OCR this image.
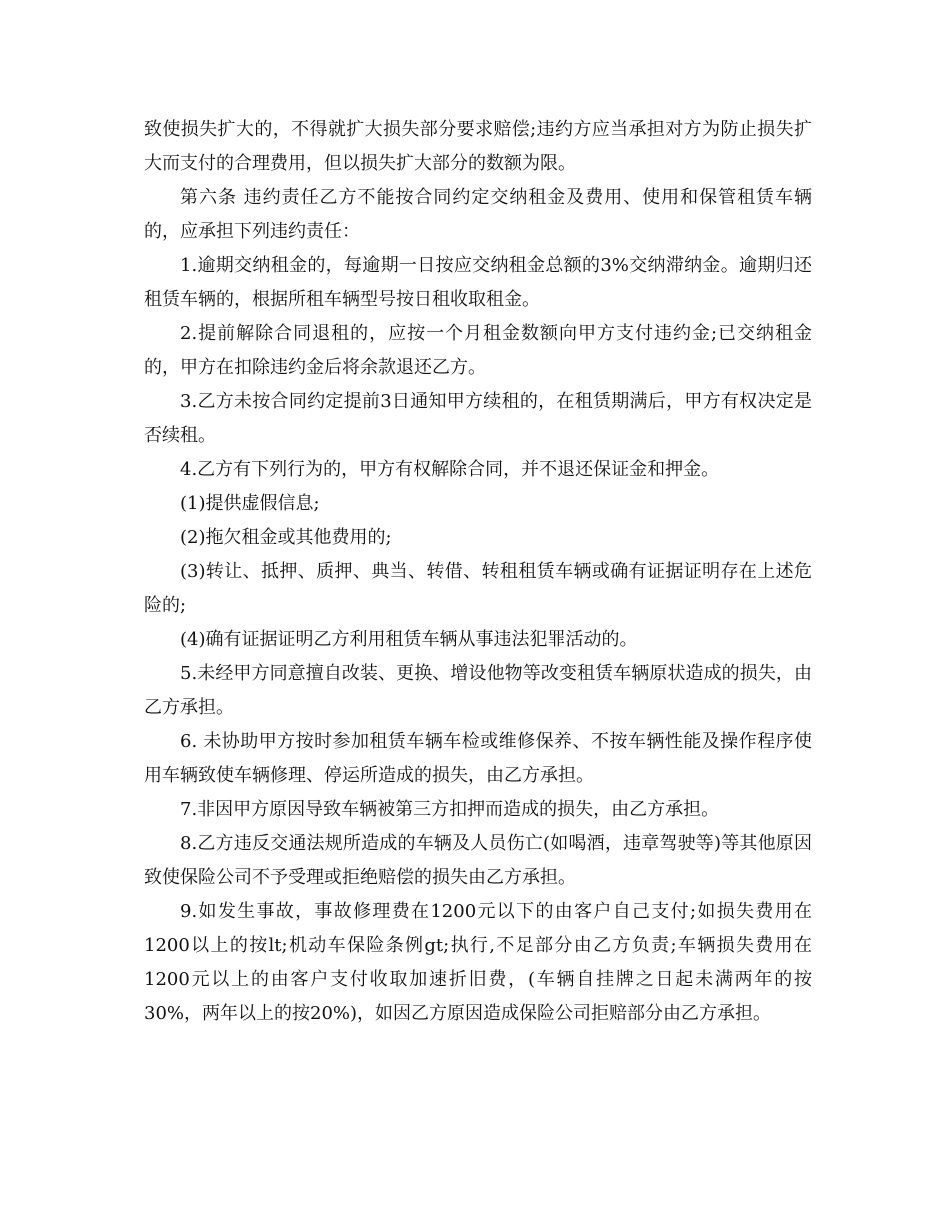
致使损失扩大的，不得就扩大损失部分要求赔偿;违约方应当承担对方为防止损失扩大而支付的合理费用，但以损失扩大部分的数额为限。

第六条 违约责任乙方不能按合同约定交纳租金及费用、使用和保管租赁车辆的，应承担下列违约责任：

1.逾期交纳租金的，每逾期一日按应交纳租金总额的3%交纳滞纳金。逾期归还租赁车辆的，根据所租车辆型号按日租收取租金。

2.提前解除合同退租的，应按一个月租金数额向甲方支付违约金;已交纳租金的，甲方在扣除违约金后将余款退还乙方。

3.乙方未按合同约定提前3日通知甲方续租的，在租赁期满后，甲方有权决定是否续租。

4.乙方有下列行为的，甲方有权解除合同，并不退还保证金和押金。

(1)提供虚假信息;

(2)拖欠租金或其他费用的;

(3)转让、抵押、质押、典当、转借、转租租赁车辆或确有证据证明存在上述危险的;

(4)确有证据证明乙方利用租赁车辆从事违法犯罪活动的。

5.未经甲方同意擅自改装、更换、增设他物等改变租赁车辆原状造成的损失，由乙方承担。

6. 未协助甲方按时参加租赁车辆车检或维修保养、不按车辆性能及操作程序使用车辆致使车辆修理、停运所造成的损失，由乙方承担。

7.非因甲方原因导致车辆被第三方扣押而造成的损失，由乙方承担。

8.乙方违反交通法规所造成的车辆及人员伤亡(如喝酒，违章驾驶等)等其他原因致使保险公司不予受理或拒绝赔偿的损失由乙方承担。

9.如发生事故，事故修理费在1200元以下的由客户自己支付;如损失费用在1200以上的按lt;机动车保险条例gt;执行,不足部分由乙方负责;车辆损失费用在1200元以上的由客户支付收取加速折旧费，(车辆自挂牌之日起未满两年的按30%，两年以上的按20%)，如因乙方原因造成保险公司拒赔部分由乙方承担。
